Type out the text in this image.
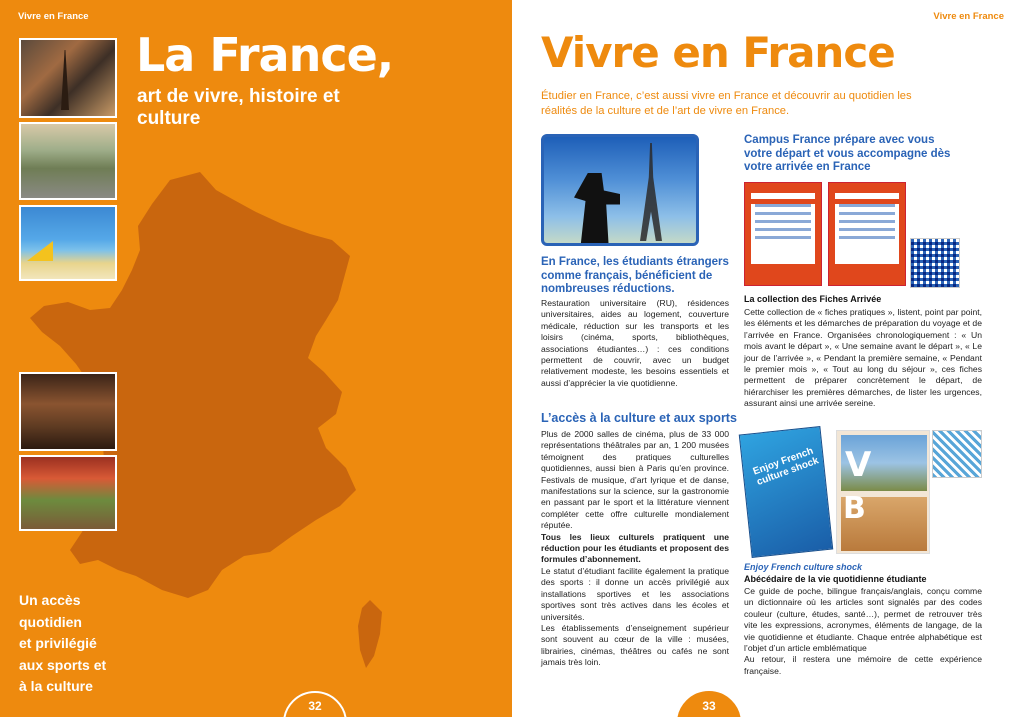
Vivre en France
La France,
art de vivre, histoire et culture
Un accès
quotidien
et privilégié
aux sports et
à la culture
32
Vivre en France
Vivre en France
Étudier en France, c’est aussi vivre en France et découvrir au quotidien les réalités de la culture et de l’art de vivre en France.
En France, les étudiants étrangers comme français, bénéficient de nombreuses réductions.
Restauration universitaire (RU), résidences universitaires, aides au logement, couverture médicale, réduction sur les transports et les loisirs (cinéma, sports, bibliothèques, associations étudiantes…) : ces conditions permettent de couvrir, avec un budget relativement modeste, les besoins essentiels et aussi d’apprécier la vie quotidienne.
L’accès à la culture et aux sports
Plus de 2000 salles de cinéma, plus de 33 000 représentations théâtrales par an, 1 200 musées témoignent des pratiques culturelles quotidiennes, aussi bien à Paris qu’en province. Festivals de musique, d’art lyrique et de danse, manifestations sur la science, sur la gastronomie en passant par le sport et la littérature viennent compléter cette offre culturelle mondialement réputée.
Tous les lieux culturels pratiquent une réduction pour les étudiants et proposent des formules d’abonnement.
Le statut d’étudiant facilite également la pratique des sports : il donne un accès privilégié aux installations sportives et les associations sportives sont très actives dans les écoles et universités.
Les établissements d’enseignement supérieur sont souvent au cœur de la ville : musées, librairies, cinémas, théâtres ou cafés ne sont jamais très loin.
Campus France prépare avec vous votre départ et vous accompagne dès votre arrivée en France
La collection des Fiches Arrivée
Cette collection de « fiches pratiques », listent, point par point, les éléments et les démarches de préparation du voyage et de l’arrivée en France. Organisées chronologiquement : « Un mois avant le départ », « Une semaine avant le départ », « Le jour de l’arrivée », « Pendant la première semaine, « Pendant le premier mois », « Tout au long du séjour », ces fiches permettent de préparer concrètement le départ, de hiérarchiser les premières démarches, de lister les urgences, assurant ainsi une arrivée sereine.
Enjoy French culture shock V
B
Enjoy French culture shock
Abécédaire de la vie quotidienne étudiante
Ce guide de poche, bilingue français/anglais, conçu comme un dictionnaire où les articles sont signalés par des codes couleur (culture, études, santé…), permet de retrouver très vite les expressions, acronymes, éléments de langage, de la vie quotidienne et étudiante. Chaque entrée alphabétique est l’objet d’un article emblématique
Au retour, il restera une mémoire de cette expérience française.
33
